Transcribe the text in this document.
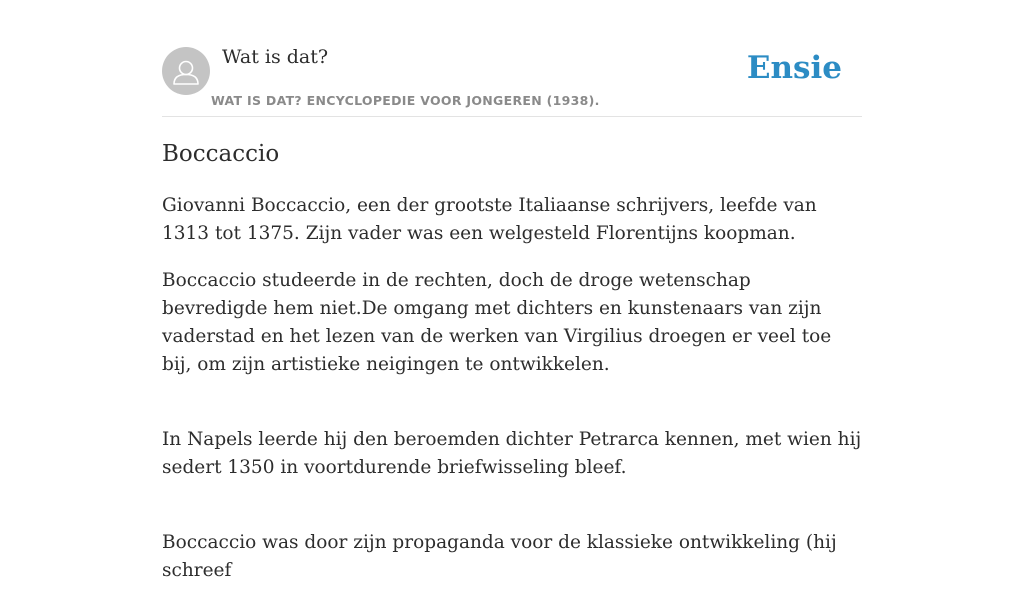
Wat is dat?
WAT IS DAT? ENCYCLOPEDIE VOOR JONGEREN (1938).
Ensie
Boccaccio

Giovanni Boccaccio, een der grootste Italiaanse schrijvers, leefde van 1313 tot 1375. Zijn vader was een welgesteld Florentijns koopman.

Boccaccio studeerde in de rechten, doch de droge wetenschap bevredigde hem niet.De omgang met dichters en kunstenaars van zijn vaderstad en het lezen van de werken van Virgilius droegen er veel toe bij, om zijn artistieke neigingen te ontwikkelen.

In Napels leerde hij den beroemden dichter Petrarca kennen, met wien hij sedert 1350 in voortdurende briefwisseling bleef.

Boccaccio was door zijn propaganda voor de klassieke ontwikkeling (hij schreef
